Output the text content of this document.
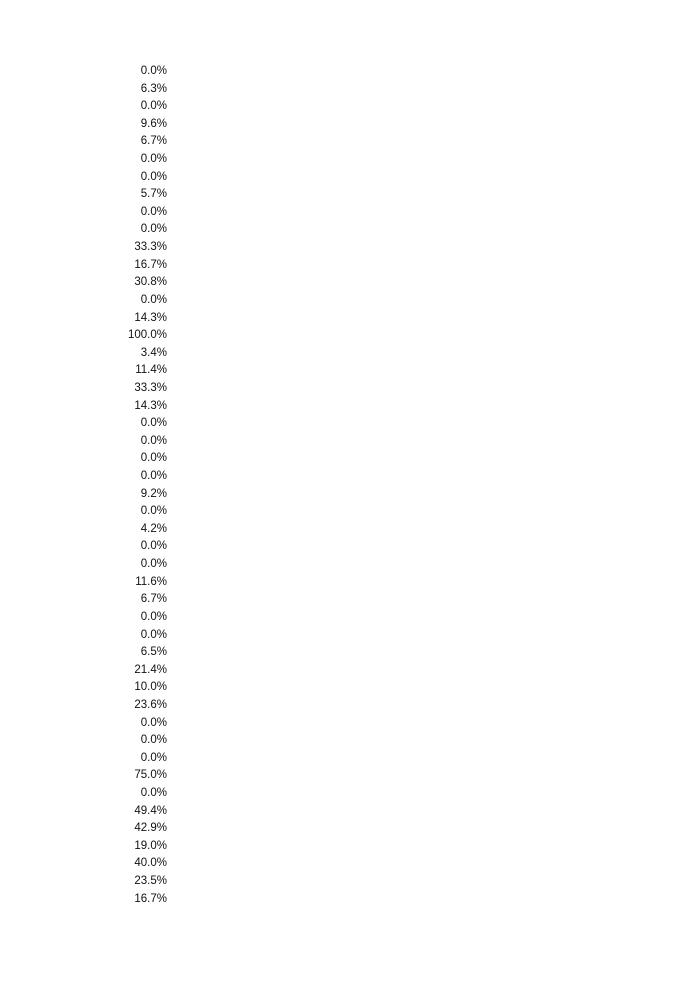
0.0%
6.3%
0.0%
9.6%
6.7%
0.0%
0.0%
5.7%
0.0%
0.0%
33.3%
16.7%
30.8%
0.0%
14.3%
100.0%
3.4%
11.4%
33.3%
14.3%
0.0%
0.0%
0.0%
0.0%
9.2%
0.0%
4.2%
0.0%
0.0%
11.6%
6.7%
0.0%
0.0%
6.5%
21.4%
10.0%
23.6%
0.0%
0.0%
0.0%
75.0%
0.0%
49.4%
42.9%
19.0%
40.0%
23.5%
16.7%
